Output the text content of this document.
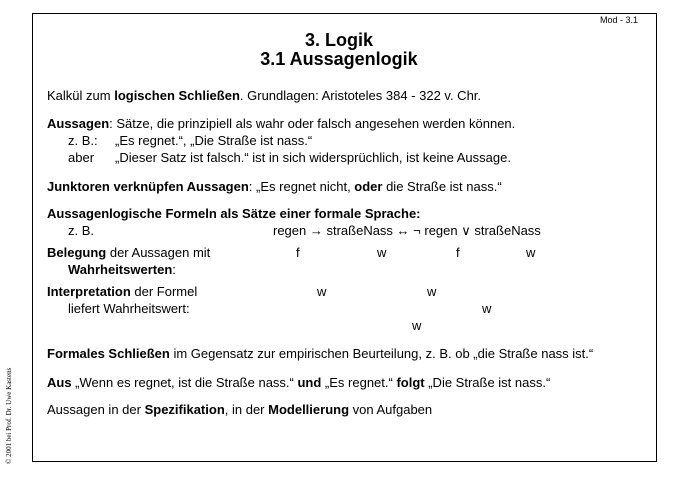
Mod - 3.1
3. Logik
3.1 Aussagenlogik
© 2001 bei Prof. Dr. Uwe Kastens
Kalkül zum logischen Schließen. Grundlagen: Aristoteles 384 - 322 v. Chr.
Aussagen: Sätze, die prinzipiell als wahr oder falsch angesehen werden können.
z. B.: „Es regnet.“, „Die Straße ist nass.“
aber „Dieser Satz ist falsch.“ ist in sich widersprüchlich, ist keine Aussage.
Junktoren verknüpfen Aussagen: „Es regnet nicht, oder die Straße ist nass.“
Aussagenlogische Formeln als Sätze einer formale Sprache:
z. B.	regen → straßeNass ↔ ¬ regen ∨ straßeNass
Belegung der Aussagen mit
Wahrheitswerten:
f	w	f	w
Interpretation der Formel
liefert Wahrheitswert:
w	w
w
w
Formales Schließen im Gegensatz zur empirischen Beurteilung, z. B. ob „die Straße nass ist.“
Aus „Wenn es regnet, ist die Straße nass.“ und „Es regnet.“ folgt „Die Straße ist nass.“
Aussagen in der Spezifikation, in der Modellierung von Aufgaben
